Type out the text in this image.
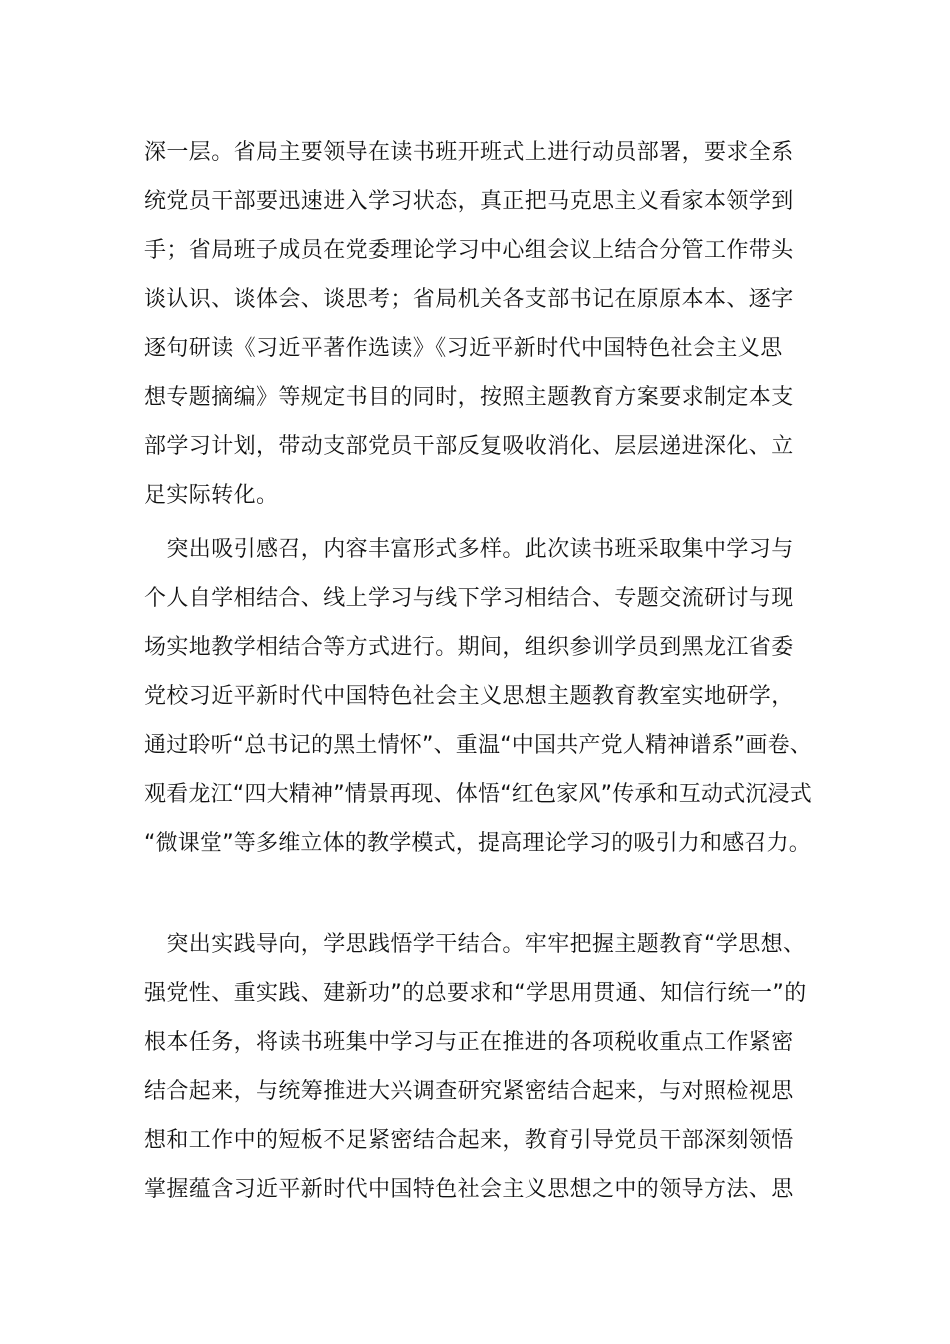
深一层。省局主要领导在读书班开班式上进行动员部署，要求全系
统党员干部要迅速进入学习状态，真正把马克思主义看家本领学到
手；省局班子成员在党委理论学习中心组会议上结合分管工作带头
谈认识、谈体会、谈思考；省局机关各支部书记在原原本本、逐字
逐句研读《习近平著作选读》《习近平新时代中国特色社会主义思
想专题摘编》等规定书目的同时，按照主题教育方案要求制定本支
部学习计划，带动支部党员干部反复吸收消化、层层递进深化、立
足实际转化。
　突出吸引感召，内容丰富形式多样。此次读书班采取集中学习与
个人自学相结合、线上学习与线下学习相结合、专题交流研讨与现
场实地教学相结合等方式进行。期间，组织参训学员到黑龙江省委
党校习近平新时代中国特色社会主义思想主题教育教室实地研学，
通过聆听“总书记的黑土情怀”、重温“中国共产党人精神谱系”画卷、
观看龙江“四大精神”情景再现、体悟“红色家风”传承和互动式沉浸式
“微课堂”等多维立体的教学模式，提高理论学习的吸引力和感召力。
　突出实践导向，学思践悟学干结合。牢牢把握主题教育“学思想、
强党性、重实践、建新功”的总要求和“学思用贯通、知信行统一”的
根本任务，将读书班集中学习与正在推进的各项税收重点工作紧密
结合起来，与统筹推进大兴调查研究紧密结合起来，与对照检视思
想和工作中的短板不足紧密结合起来，教育引导党员干部深刻领悟
掌握蕴含习近平新时代中国特色社会主义思想之中的领导方法、思
